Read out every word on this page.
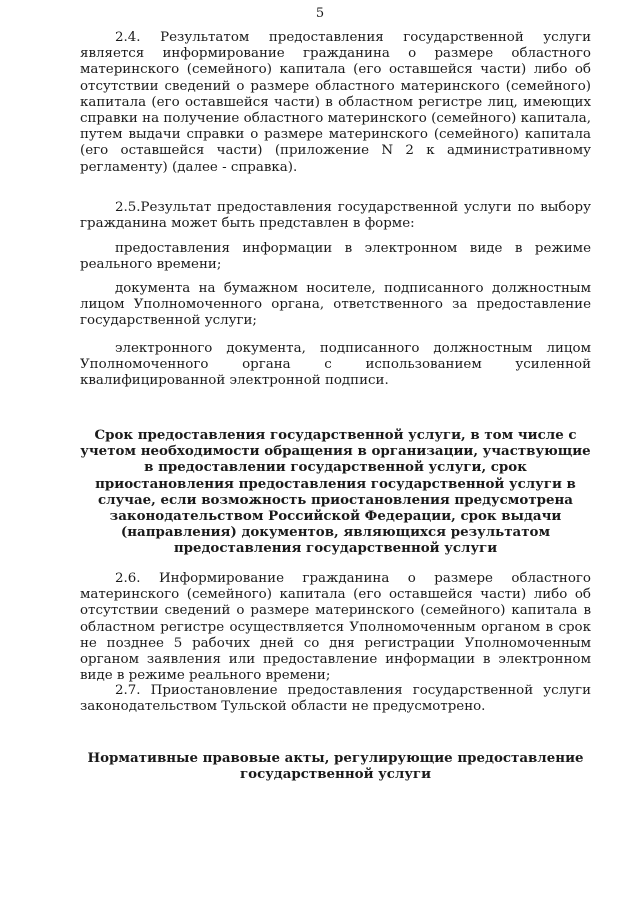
5
2.4. Результатом предоставления государственной услуги является информирование гражданина о размере областного материнского (семейного) капитала (его оставшейся части) либо об отсутствии сведений о размере областного материнского (семейного) капитала (его оставшейся части) в областном регистре лиц, имеющих справки на получение областного материнского (семейного) капитала, путем выдачи справки о размере материнского (семейного) капитала (его оставшейся части) (приложение N 2 к административному регламенту) (далее - справка).
2.5.Результат предоставления государственной услуги по выбору гражданина может быть представлен в форме:
предоставления информации в электронном виде в режиме реального времени;
документа на бумажном носителе, подписанного должностным лицом Уполномоченного органа, ответственного за предоставление государственной услуги;
электронного документа, подписанного должностным лицом Уполномоченного органа с использованием усиленной квалифицированной электронной подписи.
Срок предоставления государственной услуги, в том числе с учетом необходимости обращения в организации, участвующие в предоставлении государственной услуги, срок приостановления предоставления государственной услуги в случае, если возможность приостановления предусмотрена законодательством Российской Федерации, срок выдачи (направления) документов, являющихся результатом предоставления государственной услуги
2.6. Информирование гражданина о размере областного материнского (семейного) капитала (его оставшейся части) либо об отсутствии сведений о размере материнского (семейного) капитала в областном регистре осуществляется Уполномоченным органом в срок не позднее 5 рабочих дней со дня регистрации Уполномоченным органом заявления или предоставление информации в электронном виде в режиме реального времени;
2.7. Приостановление предоставления государственной услуги законодательством Тульской области не предусмотрено.
Нормативные правовые акты, регулирующие предоставление государственной услуги
